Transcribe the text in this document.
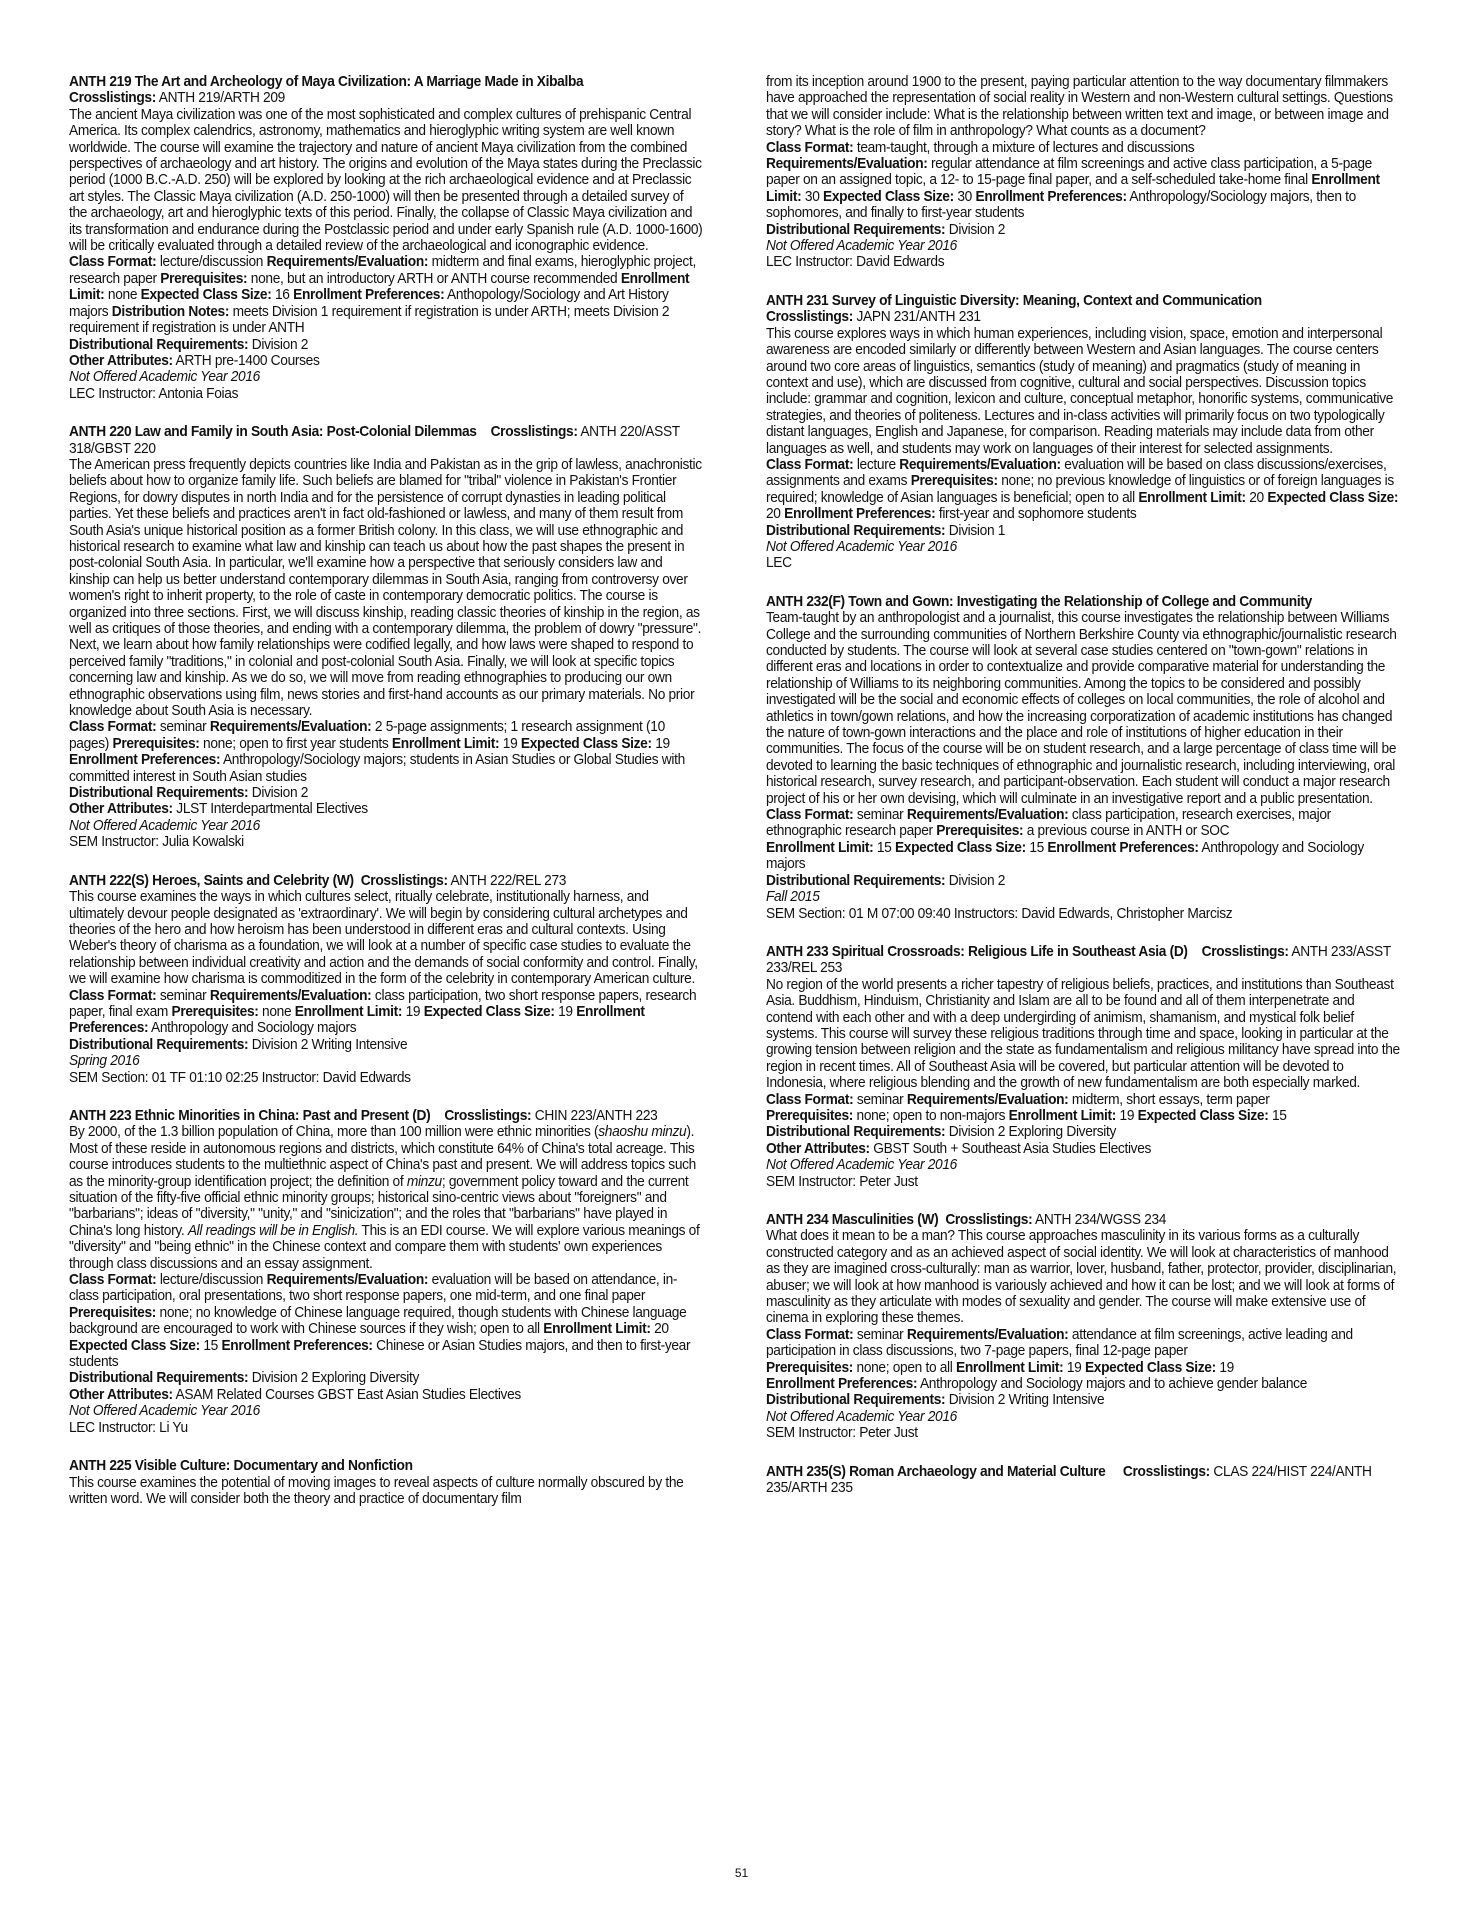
ANTH 219 The Art and Archeology of Maya Civilization: A Marriage Made in Xibalba
Crosslistings: ANTH 219/ARTH 209
The ancient Maya civilization was one of the most sophisticated and complex cultures of prehispanic Central America. Its complex calendrics, astronomy, mathematics and hieroglyphic writing system are well known worldwide. The course will examine the trajectory and nature of ancient Maya civilization from the combined perspectives of archaeology and art history. The origins and evolution of the Maya states during the Preclassic period (1000 B.C.-A.D. 250) will be explored by looking at the rich archaeological evidence and at Preclassic art styles. The Classic Maya civilization (A.D. 250-1000) will then be presented through a detailed survey of the archaeology, art and hieroglyphic texts of this period. Finally, the collapse of Classic Maya civilization and its transformation and endurance during the Postclassic period and under early Spanish rule (A.D. 1000-1600) will be critically evaluated through a detailed review of the archaeological and iconographic evidence.
Class Format: lecture/discussion Requirements/Evaluation: midterm and final exams, hieroglyphic project, research paper Prerequisites: none, but an introductory ARTH or ANTH course recommended Enrollment Limit: none Expected Class Size: 16 Enrollment Preferences: Anthopology/Sociology and Art History majors Distribution Notes: meets Division 1 requirement if registration is under ARTH; meets Division 2 requirement if registration is under ANTH
Distributional Requirements: Division 2
Other Attributes: ARTH pre-1400 Courses

Not Offered Academic Year 2016
LEC Instructor: Antonia Foias

ANTH 220 Law and Family in South Asia: Post-Colonial Dilemmas Crosslistings: ANTH 220/ASST 318/GBST 220
The American press frequently depicts countries like India and Pakistan as in the grip of lawless, anachronistic beliefs about how to organize family life. Such beliefs are blamed for "tribal" violence in Pakistan's Frontier Regions, for dowry disputes in north India and for the persistence of corrupt dynasties in leading political parties. Yet these beliefs and practices aren't in fact old-fashioned or lawless, and many of them result from South Asia's unique historical position as a former British colony. In this class, we will use ethnographic and historical research to examine what law and kinship can teach us about how the past shapes the present in post-colonial South Asia. In particular, we'll examine how a perspective that seriously considers law and kinship can help us better understand contemporary dilemmas in South Asia, ranging from controversy over women's right to inherit property, to the role of caste in contemporary democratic politics. The course is organized into three sections. First, we will discuss kinship, reading classic theories of kinship in the region, as well as critiques of those theories, and ending with a contemporary dilemma, the problem of dowry "pressure". Next, we learn about how family relationships were codified legally, and how laws were shaped to respond to perceived family "traditions," in colonial and post-colonial South Asia. Finally, we will look at specific topics concerning law and kinship. As we do so, we will move from reading ethnographies to producing our own ethnographic observations using film, news stories and first-hand accounts as our primary materials. No prior knowledge about South Asia is necessary.
Class Format: seminar Requirements/Evaluation: 2 5-page assignments; 1 research assignment (10 pages) Prerequisites: none; open to first year students Enrollment Limit: 19 Expected Class Size: 19 Enrollment Preferences: Anthropology/Sociology majors; students in Asian Studies or Global Studies with committed interest in South Asian studies
Distributional Requirements: Division 2
Other Attributes: JLST Interdepartmental Electives

Not Offered Academic Year 2016
SEM Instructor: Julia Kowalski

ANTH 222(S) Heroes, Saints and Celebrity (W) Crosslistings: ANTH 222/REL 273
This course examines the ways in which cultures select, ritually celebrate, institutionally harness, and ultimately devour people designated as 'extraordinary'. We will begin by considering cultural archetypes and theories of the hero and how heroism has been understood in different eras and cultural contexts. Using Weber's theory of charisma as a foundation, we will look at a number of specific case studies to evaluate the relationship between individual creativity and action and the demands of social conformity and control. Finally, we will examine how charisma is commoditized in the form of the celebrity in contemporary American culture.
Class Format: seminar Requirements/Evaluation: class participation, two short response papers, research paper, final exam Prerequisites: none Enrollment Limit: 19 Expected Class Size: 19 Enrollment Preferences: Anthropology and Sociology majors
Distributional Requirements: Division 2 Writing Intensive

Spring 2016
SEM Section: 01 TF 01:10 02:25 Instructor: David Edwards

ANTH 223 Ethnic Minorities in China: Past and Present (D) Crosslistings: CHIN 223/ANTH 223
By 2000, of the 1.3 billion population of China, more than 100 million were ethnic minorities (shaoshu minzu). Most of these reside in autonomous regions and districts, which constitute 64% of China's total acreage. This course introduces students to the multiethnic aspect of China's past and present. We will address topics such as the minority-group identification project; the definition of minzu; government policy toward and the current situation of the fifty-five official ethnic minority groups; historical sino-centric views about "foreigners" and "barbarians"; ideas of "diversity," "unity," and "sinicization"; and the roles that "barbarians" have played in China's long history. All readings will be in English. This is an EDI course. We will explore various meanings of "diversity" and "being ethnic" in the Chinese context and compare them with students' own experiences through class discussions and an essay assignment.
Class Format: lecture/discussion Requirements/Evaluation: evaluation will be based on attendance, in-class participation, oral presentations, two short response papers, one mid-term, and one final paper Prerequisites: none; no knowledge of Chinese language required, though students with Chinese language background are encouraged to work with Chinese sources if they wish; open to all Enrollment Limit: 20 Expected Class Size: 15 Enrollment Preferences: Chinese or Asian Studies majors, and then to first-year students
Distributional Requirements: Division 2 Exploring Diversity
Other Attributes: ASAM Related Courses GBST East Asian Studies Electives

Not Offered Academic Year 2016
LEC Instructor: Li Yu

ANTH 225 Visible Culture: Documentary and Nonfiction
This course examines the potential of moving images to reveal aspects of culture normally obscured by the written word. We will consider both the theory and practice of documentary film

from its inception around 1900 to the present, paying particular attention to the way documentary filmmakers have approached the representation of social reality in Western and non-Western cultural settings. Questions that we will consider include: What is the relationship between written text and image, or between image and story? What is the role of film in anthropology? What counts as a document?
Class Format: team-taught, through a mixture of lectures and discussions
Requirements/Evaluation: regular attendance at film screenings and active class participation, a 5-page paper on an assigned topic, a 12- to 15-page final paper, and a self-scheduled take-home final Enrollment Limit: 30 Expected Class Size: 30 Enrollment Preferences: Anthropology/Sociology majors, then to sophomores, and finally to first-year students
Distributional Requirements: Division 2

Not Offered Academic Year 2016
LEC Instructor: David Edwards

ANTH 231 Survey of Linguistic Diversity: Meaning, Context and Communication
Crosslistings: JAPN 231/ANTH 231
This course explores ways in which human experiences, including vision, space, emotion and interpersonal awareness are encoded similarly or differently between Western and Asian languages. The course centers around two core areas of linguistics, semantics (study of meaning) and pragmatics (study of meaning in context and use), which are discussed from cognitive, cultural and social perspectives. Discussion topics include: grammar and cognition, lexicon and culture, conceptual metaphor, honorific systems, communicative strategies, and theories of politeness. Lectures and in-class activities will primarily focus on two typologically distant languages, English and Japanese, for comparison. Reading materials may include data from other languages as well, and students may work on languages of their interest for selected assignments.
Class Format: lecture Requirements/Evaluation: evaluation will be based on class discussions/exercises, assignments and exams Prerequisites: none; no previous knowledge of linguistics or of foreign languages is required; knowledge of Asian languages is beneficial; open to all Enrollment Limit: 20 Expected Class Size: 20 Enrollment Preferences: first-year and sophomore students
Distributional Requirements: Division 1

Not Offered Academic Year 2016
LEC

ANTH 232(F) Town and Gown: Investigating the Relationship of College and Community
Team-taught by an anthropologist and a journalist, this course investigates the relationship between Williams College and the surrounding communities of Northern Berkshire County via ethnographic/journalistic research conducted by students. The course will look at several case studies centered on "town-gown" relations in different eras and locations in order to contextualize and provide comparative material for understanding the relationship of Williams to its neighboring communities. Among the topics to be considered and possibly investigated will be the social and economic effects of colleges on local communities, the role of alcohol and athletics in town/gown relations, and how the increasing corporatization of academic institutions has changed the nature of town-gown interactions and the place and role of institutions of higher education in their communities. The focus of the course will be on student research, and a large percentage of class time will be devoted to learning the basic techniques of ethnographic and journalistic research, including interviewing, oral historical research, survey research, and participant-observation. Each student will conduct a major research project of his or her own devising, which will culminate in an investigative report and a public presentation.
Class Format: seminar Requirements/Evaluation: class participation, research exercises, major ethnographic research paper Prerequisites: a previous course in ANTH or SOC
Enrollment Limit: 15 Expected Class Size: 15 Enrollment Preferences: Anthropology and Sociology majors
Distributional Requirements: Division 2

Fall 2015
SEM Section: 01 M 07:00 09:40 Instructors: David Edwards, Christopher Marcisz

ANTH 233 Spiritual Crossroads: Religious Life in Southeast Asia (D) Crosslistings: ANTH 233/ASST 233/REL 253
No region of the world presents a richer tapestry of religious beliefs, practices, and institutions than Southeast Asia. Buddhism, Hinduism, Christianity and Islam are all to be found and all of them interpenetrate and contend with each other and with a deep undergirding of animism, shamanism, and mystical folk belief systems. This course will survey these religious traditions through time and space, looking in particular at the growing tension between religion and the state as fundamentalism and religious militancy have spread into the region in recent times. All of Southeast Asia will be covered, but particular attention will be devoted to Indonesia, where religious blending and the growth of new fundamentalism are both especially marked.
Class Format: seminar Requirements/Evaluation: midterm, short essays, term paper
Prerequisites: none; open to non-majors Enrollment Limit: 19 Expected Class Size: 15
Distributional Requirements: Division 2 Exploring Diversity
Other Attributes: GBST South + Southeast Asia Studies Electives

Not Offered Academic Year 2016
SEM Instructor: Peter Just

ANTH 234 Masculinities (W) Crosslistings: ANTH 234/WGSS 234
What does it mean to be a man? This course approaches masculinity in its various forms as a culturally constructed category and as an achieved aspect of social identity. We will look at characteristics of manhood as they are imagined cross-culturally: man as warrior, lover, husband, father, protector, provider, disciplinarian, abuser; we will look at how manhood is variously achieved and how it can be lost; and we will look at forms of masculinity as they articulate with modes of sexuality and gender. The course will make extensive use of cinema in exploring these themes.
Class Format: seminar Requirements/Evaluation: attendance at film screenings, active leading and participation in class discussions, two 7-page papers, final 12-page paper
Prerequisites: none; open to all Enrollment Limit: 19 Expected Class Size: 19
Enrollment Preferences: Anthropology and Sociology majors and to achieve gender balance
Distributional Requirements: Division 2 Writing Intensive

Not Offered Academic Year 2016
SEM Instructor: Peter Just

ANTH 235(S) Roman Archaeology and Material Culture Crosslistings: CLAS 224/HIST 224/ANTH 235/ARTH 235

51
